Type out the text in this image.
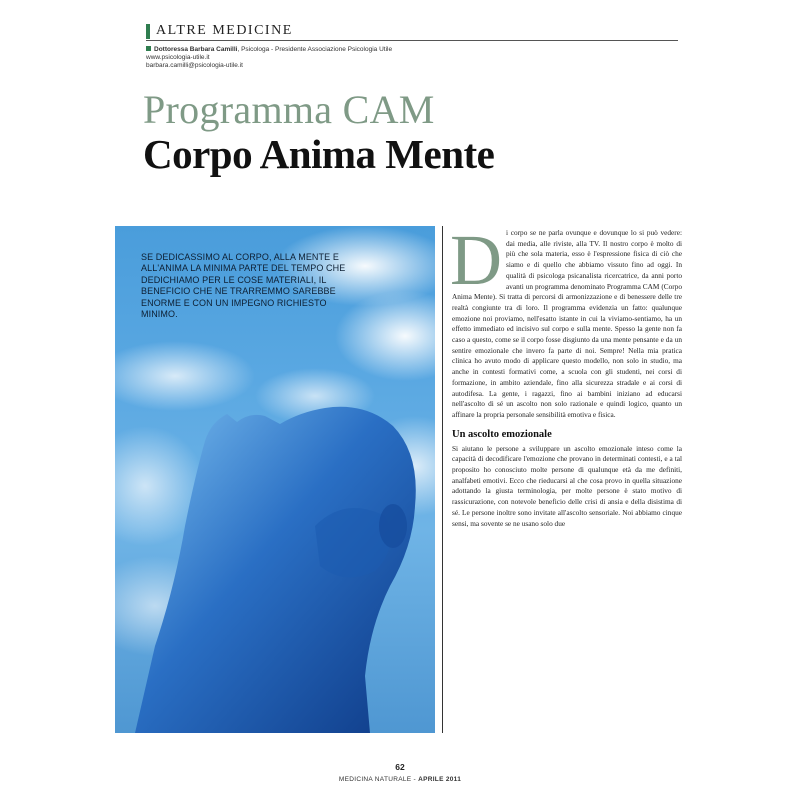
ALTRE MEDICINE
Dottoressa Barbara Camilli, Psicologa - Presidente Associazione Psicologia Utile
www.psicologia-utile.it
barbara.camilli@psicologia-utile.it
Programma CAM
Corpo Anima Mente
SE DEDICASSIMO AL CORPO, ALLA MENTE E ALL'ANIMA LA MINIMA PARTE DEL TEMPO CHE DEDICHIAMO PER LE COSE MATERIALI, IL BENEFICIO CHE NE TRARREMMO SAREBBE ENORME E CON UN IMPEGNO RICHIESTO MINIMO.

Di corpo se ne parla ovunque e dovunque lo si può vedere: dai media, alle riviste, alla TV. Il nostro corpo è molto di più che sola materia, esso è l'espressione fisica di ciò che siamo e di quello che abbiamo vissuto fino ad oggi. In qualità di psicologa psicanalista ricercatrice, da anni porto avanti un programma denominato Programma CAM (Corpo Anima Mente). Si tratta di percorsi di armonizzazione e di benessere delle tre realtà congiunte tra di loro. Il programma evidenzia un fatto: qualunque emozione noi proviamo, nell'esatto istante in cui la viviamo-sentiamo, ha un effetto immediato ed incisivo sul corpo e sulla mente. Spesso la gente non fa caso a questo, come se il corpo fosse disgiunto da una mente pensante e da un sentire emozionale che invero fa parte di noi. Sempre! Nella mia pratica clinica ho avuto modo di applicare questo modello, non solo in studio, ma anche in contesti formativi come, a scuola con gli studenti, nei corsi di formazione, in ambito aziendale, fino alla sicurezza stradale e ai corsi di autodifesa. La gente, i ragazzi, fino ai bambini iniziano ad educarsi nell'ascolto di sé un ascolto non solo razionale e quindi logico, quanto un affinare la propria personale sensibilità emotiva e fisica.

Un ascolto emozionale

Si aiutano le persone a sviluppare un ascolto emozionale inteso come la capacità di decodificare l'emozione che provano in determinati contesti, e a tal proposito ho conosciuto molte persone di qualunque età da me definiti, analfabeti emotivi. Ecco che rieducarsi al che cosa provo in quella situazione adottando la giusta terminologia, per molte persone è stato motivo di rassicurazione, con notevole beneficio delle crisi di ansia e della disistima di sé. Le persone inoltre sono invitate all'ascolto sensoriale. Noi abbiamo cinque sensi, ma sovente se ne usano solo due

62
MEDICINA NATURALE - APRILE 2011
